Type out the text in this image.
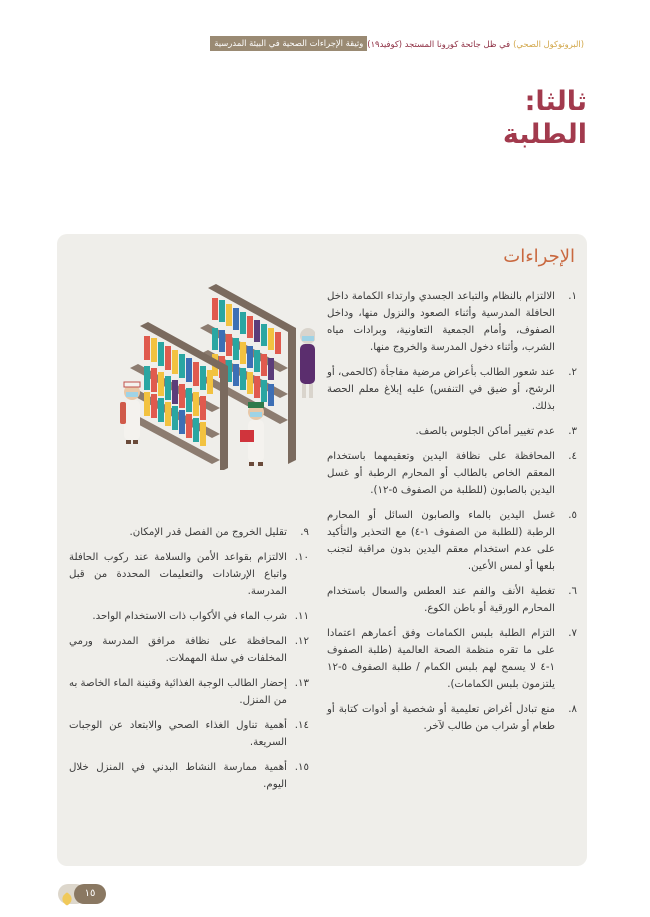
وثيقة الإجراءات الصحية في البيئة المدرسية في ظل جائحة كورونا المستجد (كوفيد١٩) (البروتوكول الصحي)
ثالثا:
الطلبة
الإجراءات
١.
الالتزام بالنظام والتباعد الجسدي وارتداء الكمامة داخل الحافلة المدرسية وأثناء الصعود والنزول منها، وداخل الصفوف، وأمام الجمعية التعاونية، وبرادات مياه الشرب، وأثناء دخول المدرسة والخروج منها.
٢.
عند شعور الطالب بأعراض مرضية مفاجأة (كالحمى، أو الرشح، أو ضيق في التنفس) عليه إبلاغ معلم الحصة بذلك.
٣.
عدم تغيير أماكن الجلوس بالصف.
٤.
المحافظة على نظافة اليدين وتعقيمهما باستخدام المعقم الخاص بالطالب أو المحارم الرطبة أو غسل اليدين بالصابون (للطلبة من الصفوف ٥-١٢).
٥.
غسل اليدين بالماء والصابون السائل أو المحارم الرطبة (للطلبة من الصفوف ١-٤) مع التحذير والتأكيد على عدم استخدام معقم اليدين بدون مراقبة لتجنب بلعها أو لمس الأعين.
٦.
تغطية الأنف والفم عند العطس والسعال باستخدام المحارم الورقية أو باطن الكوع.
٧.
التزام الطلبة بلبس الكمامات وفق أعمارهم اعتمادا على ما تقره منظمة الصحة العالمية (طلبة الصفوف ١-٤ لا يسمح لهم بلبس الكمام / طلبة الصفوف ٥-١٢ يلتزمون بلبس الكمامات).
٨.
منع تبادل أغراض تعليمية أو شخصية أو أدوات كتابة أو طعام أو شراب من طالب لآخر.
٩.
تقليل الخروج من الفصل قدر الإمكان.
١٠.
الالتزام بقواعد الأمن والسلامة عند ركوب الحافلة واتباع الإرشادات والتعليمات المحددة من قبل المدرسة.
١١.
شرب الماء في الأكواب ذات الاستخدام الواحد.
١٢.
المحافظة على نظافة مرافق المدرسة ورمي المخلفات في سلة المهملات.
١٣.
إحضار الطالب الوجبة الغذائية وقنينة الماء الخاصة به من المنزل.
١٤.
أهمية تناول الغذاء الصحي والابتعاد عن الوجبات السريعة.
١٥.
أهمية ممارسة النشاط البدني في المنزل خلال اليوم.
١٥
